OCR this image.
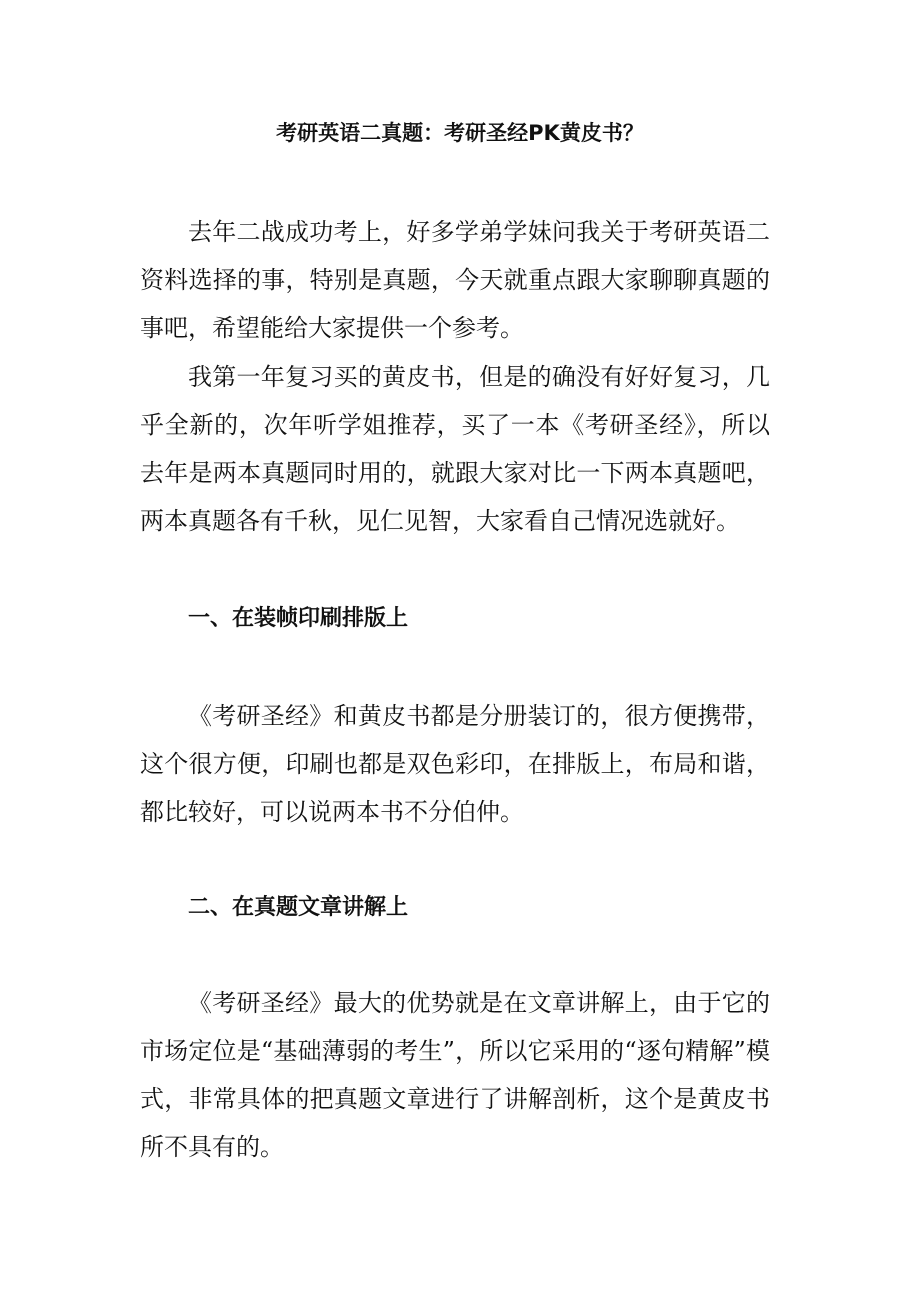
考研英语二真题：考研圣经PK黄皮书？

去年二战成功考上，好多学弟学妹问我关于考研英语二资料选择的事，特别是真题，今天就重点跟大家聊聊真题的事吧，希望能给大家提供一个参考。

我第一年复习买的黄皮书，但是的确没有好好复习，几乎全新的，次年听学姐推荐，买了一本《考研圣经》，所以去年是两本真题同时用的，就跟大家对比一下两本真题吧，两本真题各有千秋，见仁见智，大家看自己情况选就好。

一、在装帧印刷排版上

《考研圣经》和黄皮书都是分册装订的，很方便携带，这个很方便，印刷也都是双色彩印，在排版上，布局和谐，都比较好，可以说两本书不分伯仲。

二、在真题文章讲解上

《考研圣经》最大的优势就是在文章讲解上，由于它的市场定位是“基础薄弱的考生”，所以它采用的“逐句精解”模式，非常具体的把真题文章进行了讲解剖析，这个是黄皮书所不具有的。
